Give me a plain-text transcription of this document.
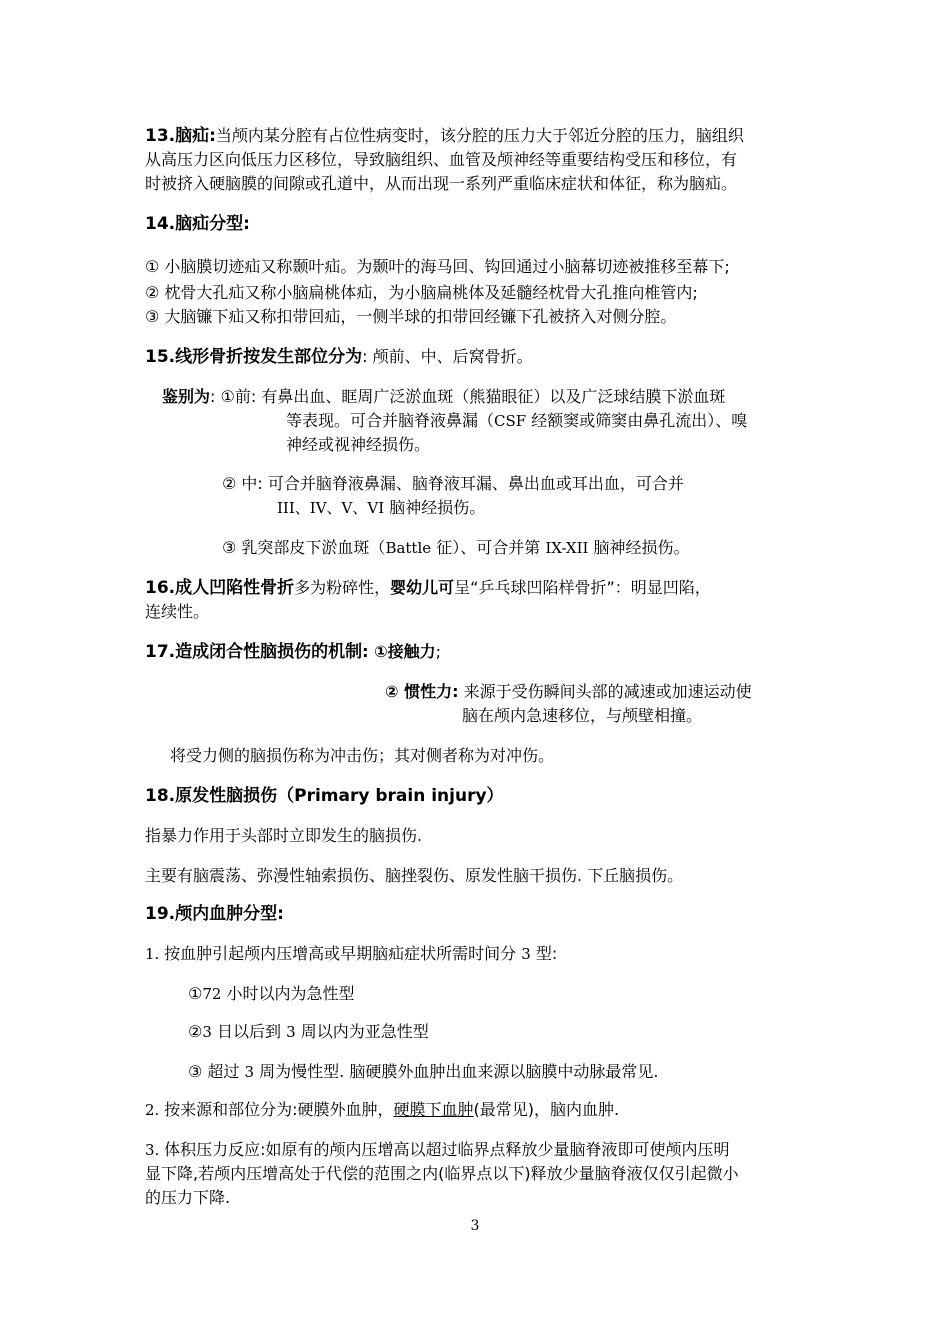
13.脑疝:当颅内某分腔有占位性病变时，该分腔的压力大于邻近分腔的压力，脑组织
从高压力区向低压力区移位，导致脑组织、血管及颅神经等重要结构受压和移位，有
时被挤入硬脑膜的间隙或孔道中，从而出现一系列严重临床症状和体征，称为脑疝。
14.脑疝分型:
① 小脑膜切迹疝又称颞叶疝。为颞叶的海马回、钩回通过小脑幕切迹被推移至幕下;
② 枕骨大孔疝又称小脑扁桃体疝，为小脑扁桃体及延髓经枕骨大孔推向椎管内;
③ 大脑镰下疝又称扣带回疝，一侧半球的扣带回经镰下孔被挤入对侧分腔。
15.线形骨折按发生部位分为: 颅前、中、后窝骨折。
鉴别为: ①前: 有鼻出血、眶周广泛淤血斑（熊猫眼征）以及广泛球结膜下淤血斑
等表现。可合并脑脊液鼻漏（CSF 经额窦或筛窦由鼻孔流出）、嗅
神经或视神经损伤。
② 中: 可合并脑脊液鼻漏、脑脊液耳漏、鼻出血或耳出血，可合并
III、IV、V、VI 脑神经损伤。
③ 乳突部皮下淤血斑（Battle 征）、可合并第 IX-XII 脑神经损伤。
16.成人凹陷性骨折多为粉碎性，婴幼儿可呈“乒乓球凹陷样骨折”：明显凹陷，
连续性。
17.造成闭合性脑损伤的机制: ①接触力;
② 惯性力: 来源于受伤瞬间头部的减速或加速运动使
脑在颅内急速移位，与颅壁相撞。
将受力侧的脑损伤称为冲击伤；其对侧者称为对冲伤。
18.原发性脑损伤（Primary brain injury）
指暴力作用于头部时立即发生的脑损伤.
主要有脑震荡、弥漫性轴索损伤、脑挫裂伤、原发性脑干损伤. 下丘脑损伤。
19.颅内血肿分型:
1. 按血肿引起颅内压增高或早期脑疝症状所需时间分 3 型:
①72 小时以内为急性型
②3 日以后到 3 周以内为亚急性型
③ 超过 3 周为慢性型. 脑硬膜外血肿出血来源以脑膜中动脉最常见.
2. 按来源和部位分为:硬膜外血肿，硬膜下血肿(最常见)，脑内血肿.
3. 体积压力反应:如原有的颅内压增高以超过临界点释放少量脑脊液即可使颅内压明
显下降,若颅内压增高处于代偿的范围之内(临界点以下)释放少量脑脊液仅仅引起微小
的压力下降.
3
